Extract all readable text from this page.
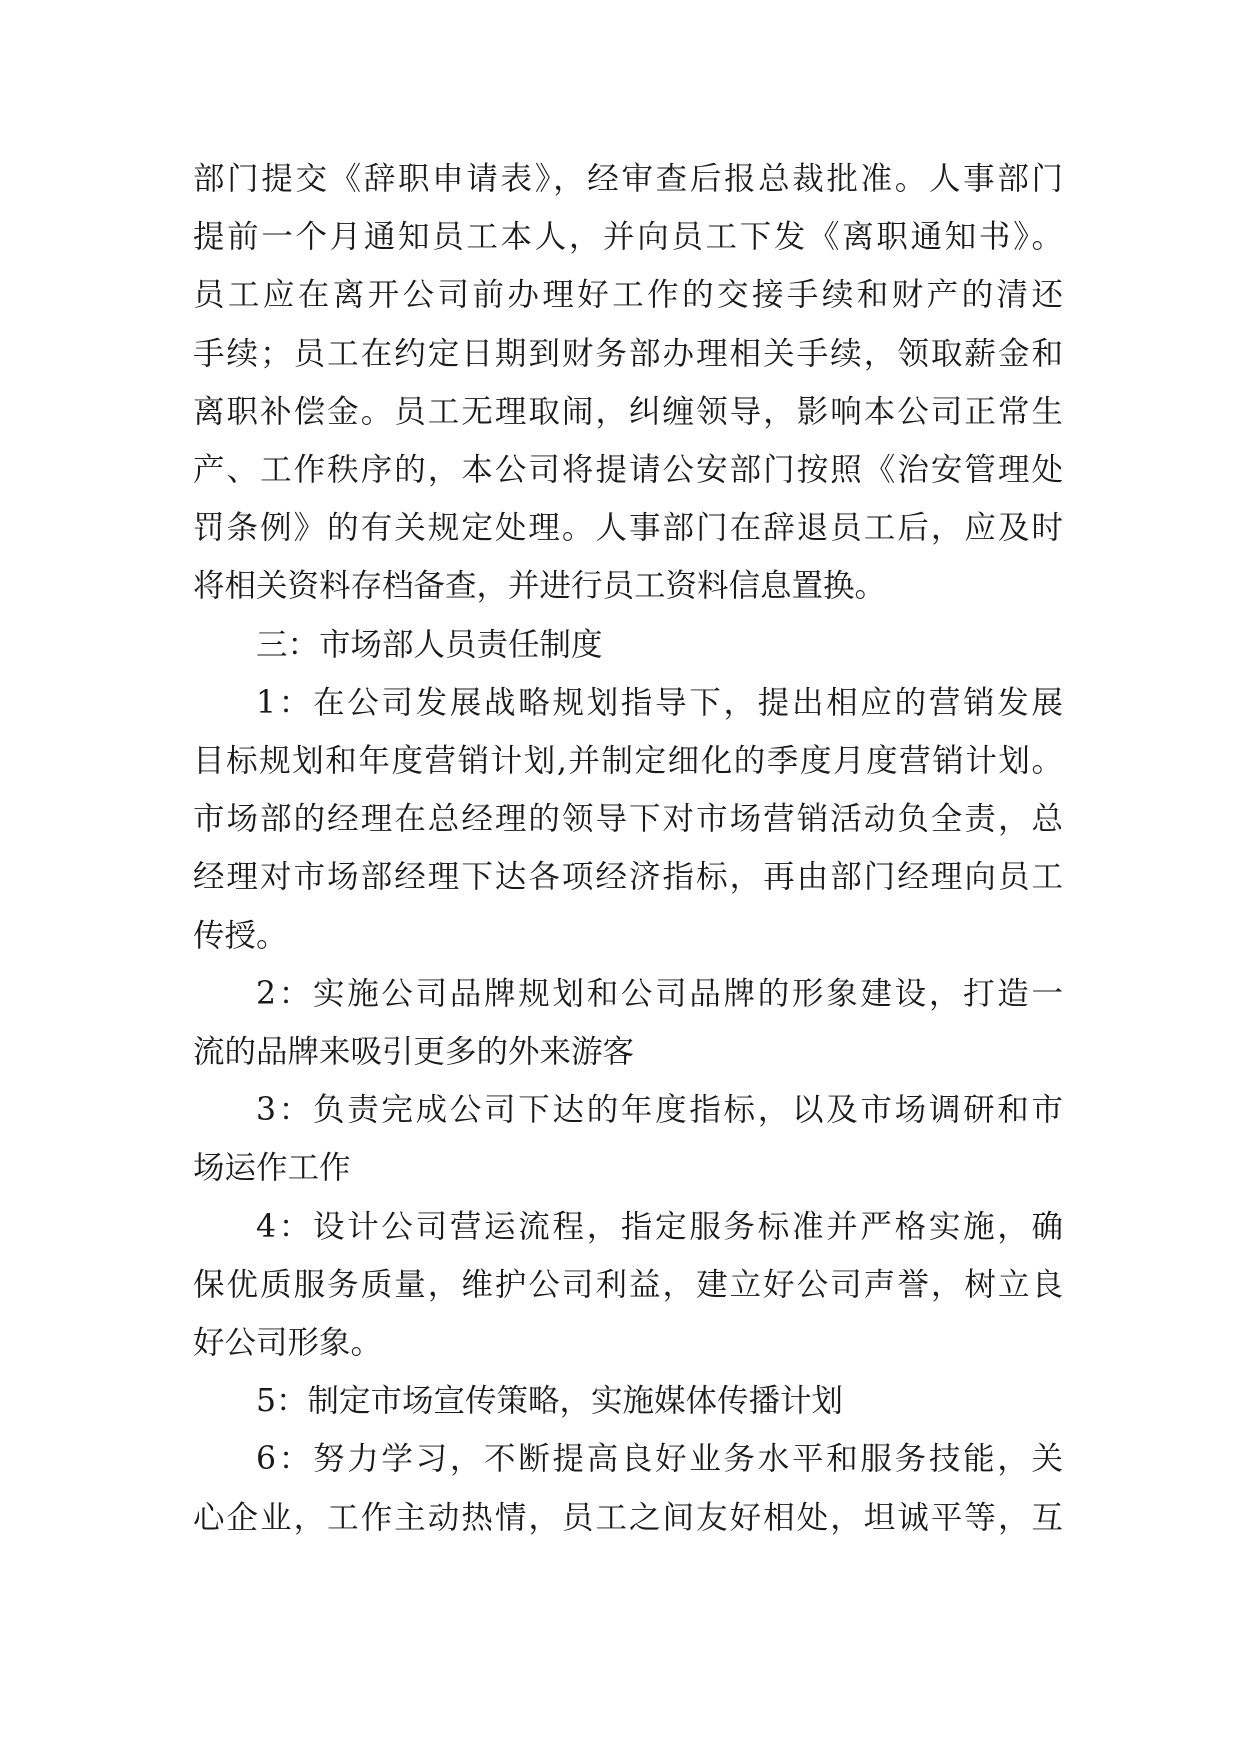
部门提交《辞职申请表》，经审查后报总裁批准。人事部门
提前一个月通知员工本人，并向员工下发《离职通知书》。
员工应在离开公司前办理好工作的交接手续和财产的清还
手续；员工在约定日期到财务部办理相关手续，领取薪金和
离职补偿金。员工无理取闹，纠缠领导，影响本公司正常生
产、工作秩序的，本公司将提请公安部门按照《治安管理处
罚条例》的有关规定处理。人事部门在辞退员工后，应及时
将相关资料存档备查，并进行员工资料信息置换。
三：市场部人员责任制度
1：在公司发展战略规划指导下，提出相应的营销发展
目标规划和年度营销计划,并制定细化的季度月度营销计划。
市场部的经理在总经理的领导下对市场营销活动负全责，总
经理对市场部经理下达各项经济指标，再由部门经理向员工
传授。
2：实施公司品牌规划和公司品牌的形象建设，打造一
流的品牌来吸引更多的外来游客
3：负责完成公司下达的年度指标，以及市场调研和市
场运作工作
4：设计公司营运流程，指定服务标准并严格实施，确
保优质服务质量，维护公司利益，建立好公司声誉，树立良
好公司形象。
5：制定市场宣传策略，实施媒体传播计划
6：努力学习，不断提高良好业务水平和服务技能，关
心企业，工作主动热情，员工之间友好相处，坦诚平等，互
